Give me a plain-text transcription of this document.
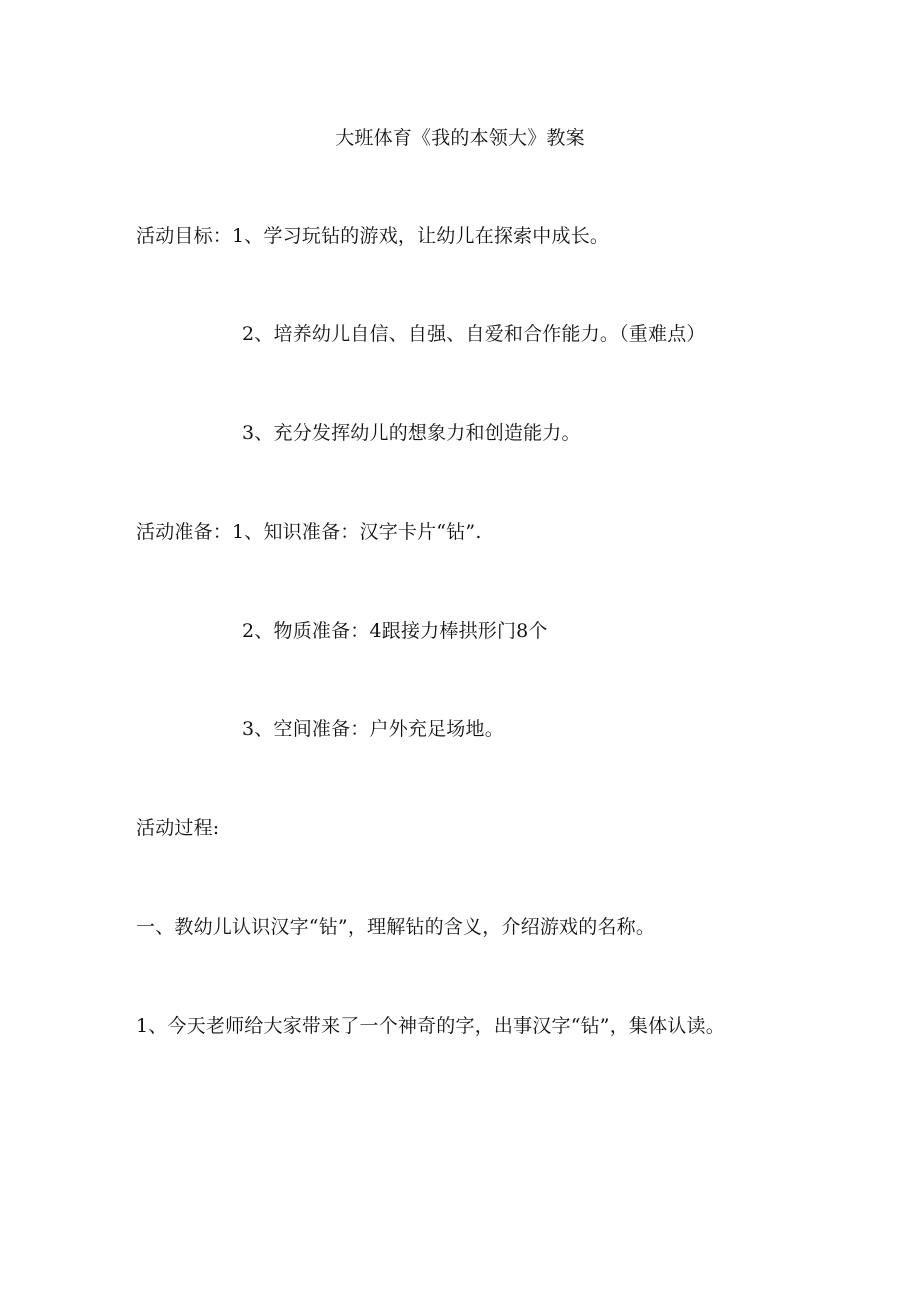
大班体育《我的本领大》教案
活动目标：1、学习玩钻的游戏，让幼儿在探索中成长。
2、培养幼儿自信、自强、自爱和合作能力。（重难点）
3、充分发挥幼儿的想象力和创造能力。
活动准备：1、知识准备：汉字卡片“钻”.
2、物质准备：4跟接力棒拱形门8个
3、空间准备：户外充足场地。
活动过程:
一、教幼儿认识汉字“钻”，理解钻的含义，介绍游戏的名称。
1、今天老师给大家带来了一个神奇的字，出事汉字“钻”，集体认读。
